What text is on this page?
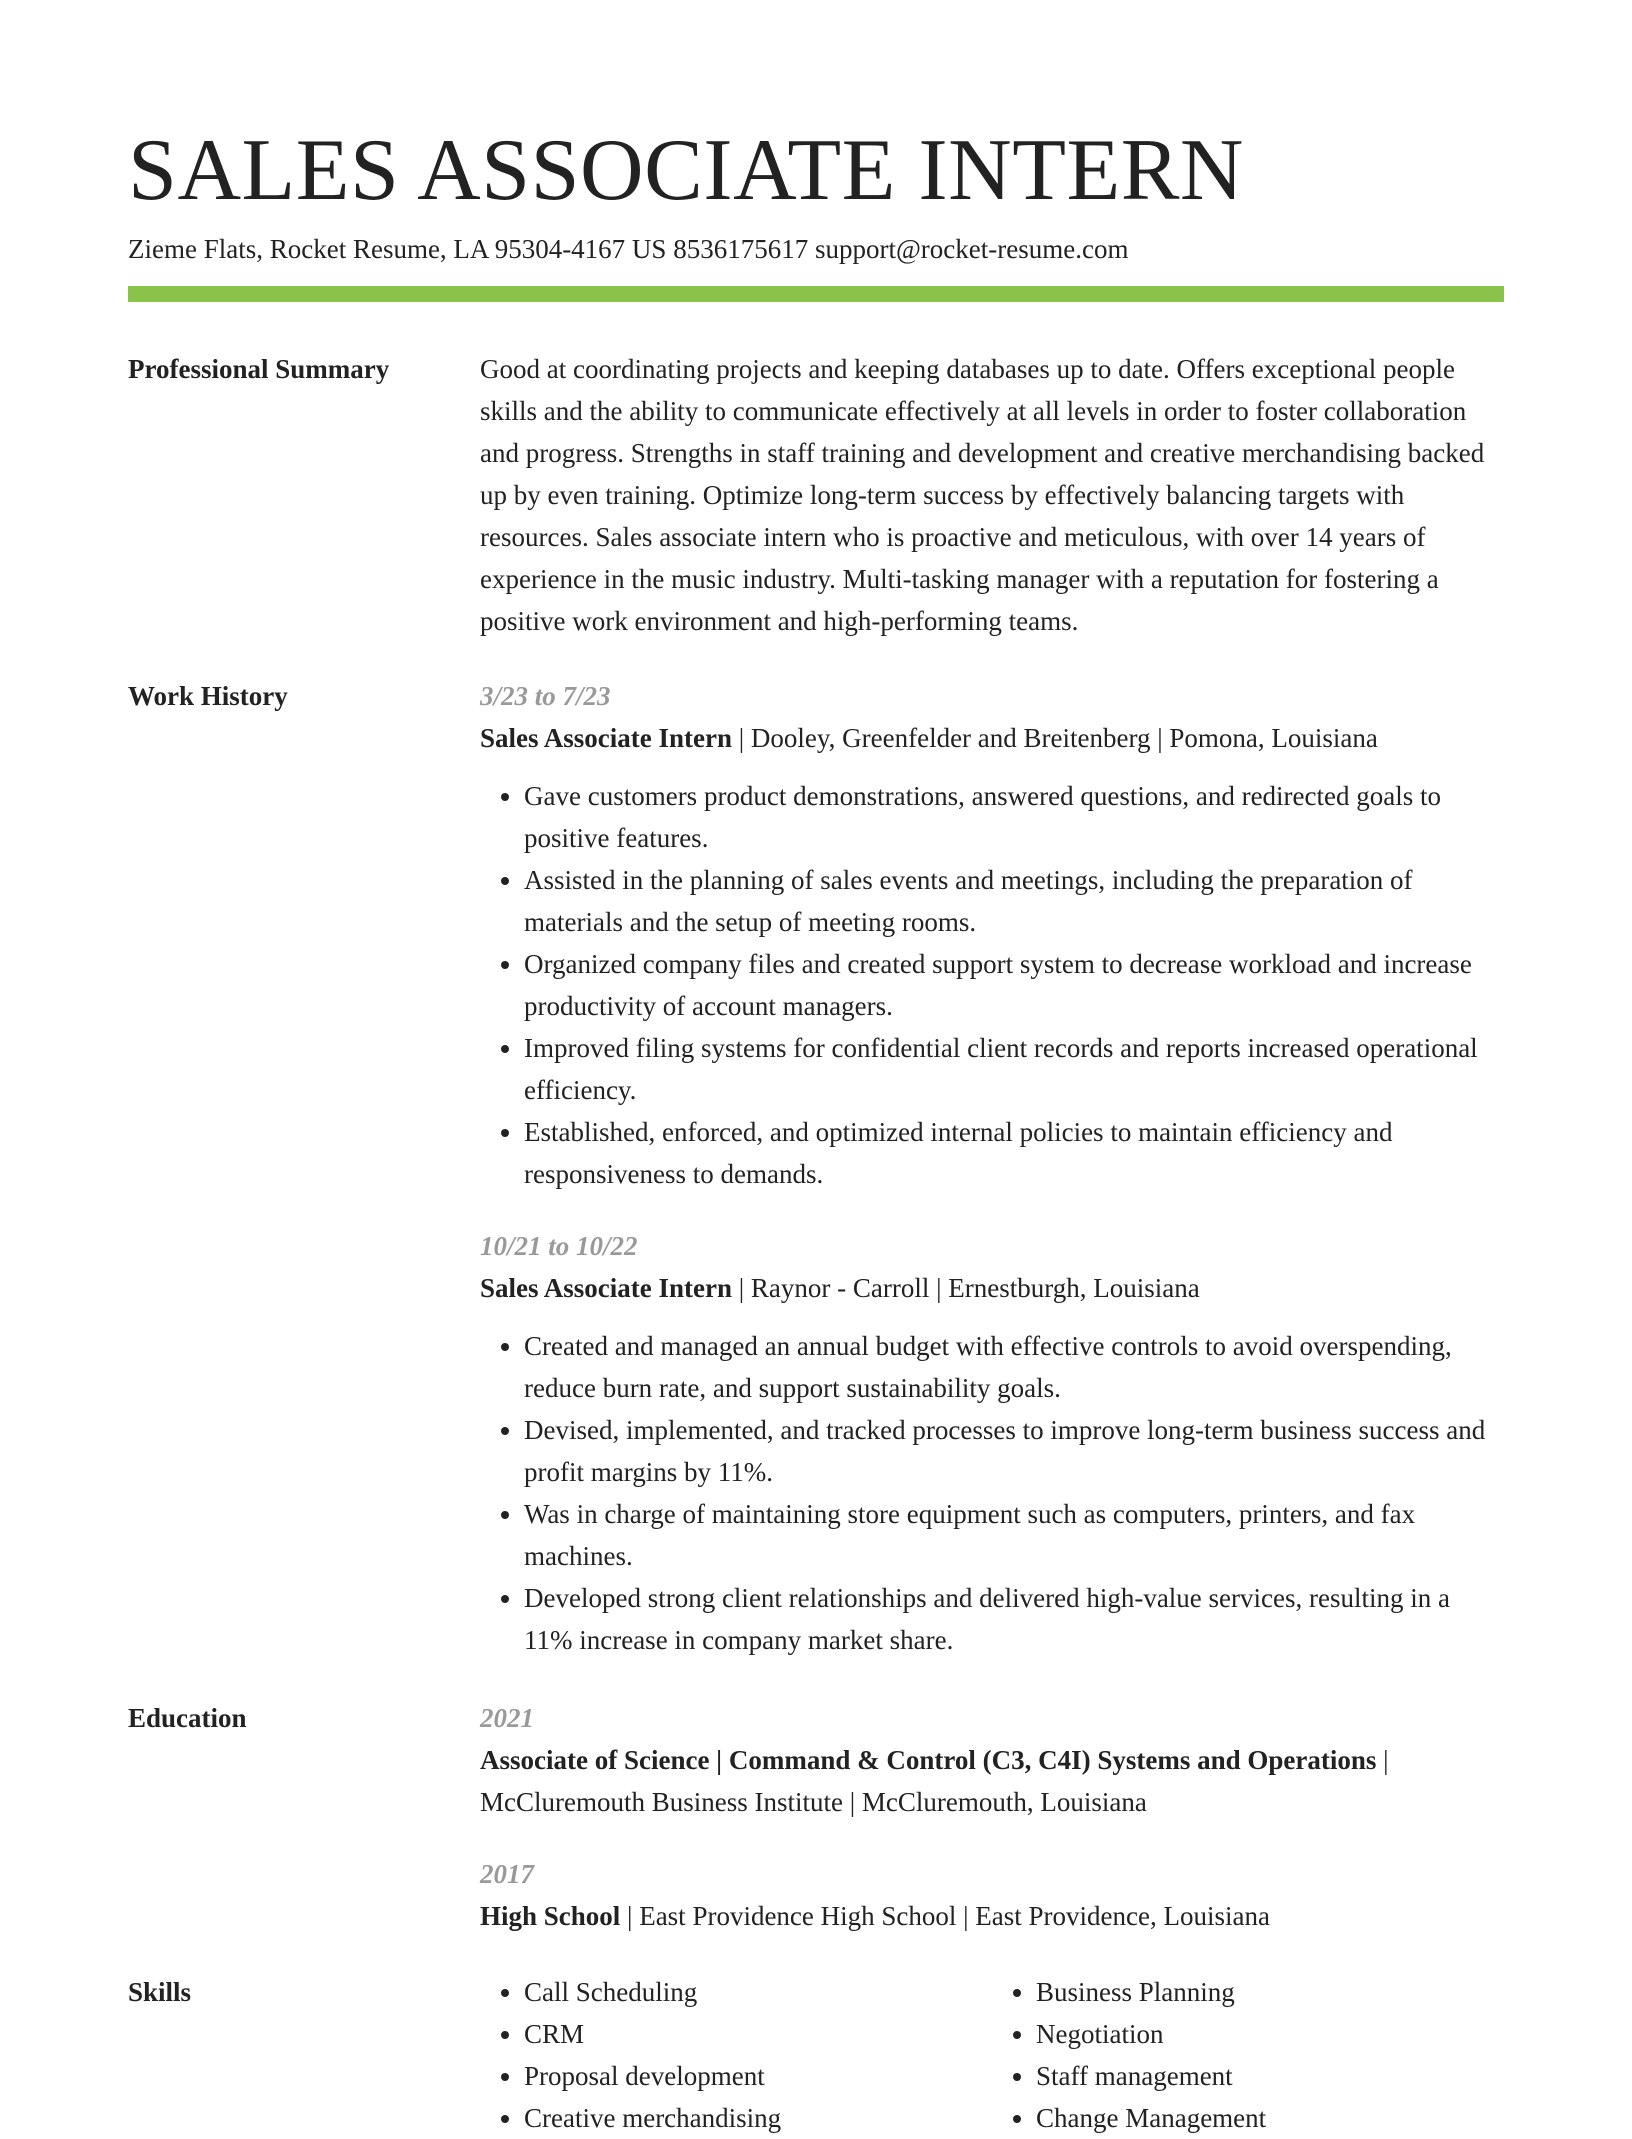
SALES ASSOCIATE INTERN
Zieme Flats, Rocket Resume, LA 95304-4167 US 8536175617 support@rocket-resume.com
Professional Summary	Good at coordinating projects and keeping databases up to date. Offers exceptional people skills and the ability to communicate effectively at all levels in order to foster collaboration and progress. Strengths in staff training and development and creative merchandising backed up by even training. Optimize long-term success by effectively balancing targets with resources. Sales associate intern who is proactive and meticulous, with over 14 years of experience in the music industry. Multi-tasking manager with a reputation for fostering a positive work environment and high-performing teams.

Work History	3/23 to 7/23
Sales Associate Intern | Dooley, Greenfelder and Breitenberg | Pomona, Louisiana
• Gave customers product demonstrations, answered questions, and redirected goals to positive features.
• Assisted in the planning of sales events and meetings, including the preparation of materials and the setup of meeting rooms.
• Organized company files and created support system to decrease workload and increase productivity of account managers.
• Improved filing systems for confidential client records and reports increased operational efficiency.
• Established, enforced, and optimized internal policies to maintain efficiency and responsiveness to demands.
10/21 to 10/22
Sales Associate Intern | Raynor - Carroll | Ernestburgh, Louisiana
• Created and managed an annual budget with effective controls to avoid overspending, reduce burn rate, and support sustainability goals.
• Devised, implemented, and tracked processes to improve long-term business success and profit margins by 11%.
• Was in charge of maintaining store equipment such as computers, printers, and fax machines.
• Developed strong client relationships and delivered high-value services, resulting in a 11% increase in company market share.
Education	2021
Associate of Science | Command & Control (C3, C4I) Systems and Operations | McCluremouth Business Institute | McCluremouth, Louisiana
2017
High School | East Providence High School | East Providence, Louisiana
Skills
•	Call Scheduling
• CRM
• Proposal development
• Creative merchandising
• Business Planning
• Negotiation
• Staff management
• Change Management
